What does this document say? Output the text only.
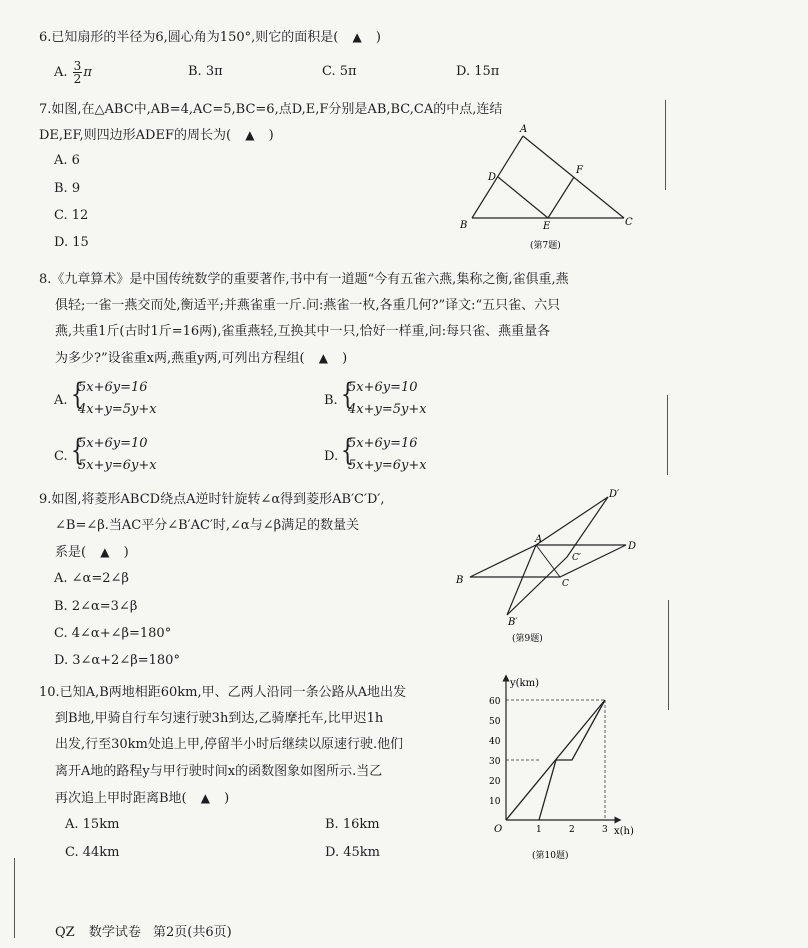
6.已知扇形的半径为6,圆心角为150°,则它的面积是( ▲ )
A. $\frac{3}{2}$ π	B. 3π	C. 5π	D. 15π
7.如图,在△ABC中,AB=4,AC=5,BC=6,点D,E,F分别是AB,BC,CA的中点,连结
DE,EF,则四边形ADEF的周长为( ▲ )
A. 6
B. 9
C. 12
D. 15
A
D
F
B	E	C
(第7题)
8.《九章算术》是中国传统数学的重要著作,书中有一道题“今有五雀六燕,集称之衡,雀俱重,燕
俱轻;一雀一燕交而处,衡适平;并燕雀重一斤.问:燕雀一枚,各重几何?”译文:“五只雀、六只
燕,共重1斤(古时1斤=16两),雀重燕轻,互换其中一只,恰好一样重,问:每只雀、燕重量各
为多少?”设雀重x两,燕重y两,可列出方程组( ▲ )
A. {
5x+6y=16
4x+y=5y+x
B. {
5x+6y=10
4x+y=5y+x
C. {
5x+6y=10
5x+y=6y+x
D. {
5x+6y=16
5x+y=6y+x
9.如图,将菱形ABCD绕点A逆时针旋转∠α得到菱形AB′C′D′,
∠B=∠β.当AC平分∠B′AC′时,∠α与∠β满足的数量关
系是( ▲ )
A. ∠α=2∠β
B. 2∠α=3∠β
C. 4∠α+∠β=180°
D. 3∠α+2∠β=180°
A
B	C
D
B′
C′
D′
(第9题)
10.已知A,B两地相距60km,甲、乙两人沿同一条公路从A地出发
到B地,甲骑自行车匀速行驶3h到达,乙骑摩托车,比甲迟1h
出发,行至30km处追上甲,停留半小时后继续以原速行驶.他们
离开A地的路程y与甲行驶时间x的函数图象如图所示.当乙
再次追上甲时距离B地( ▲ )
A. 15km	B. 16km
C. 44km	D. 45km
y(km)
x(h)
O
10
20
30
40
50
60
1	2	3
(第10题)
QZ 数学试卷 第2页(共6页)
